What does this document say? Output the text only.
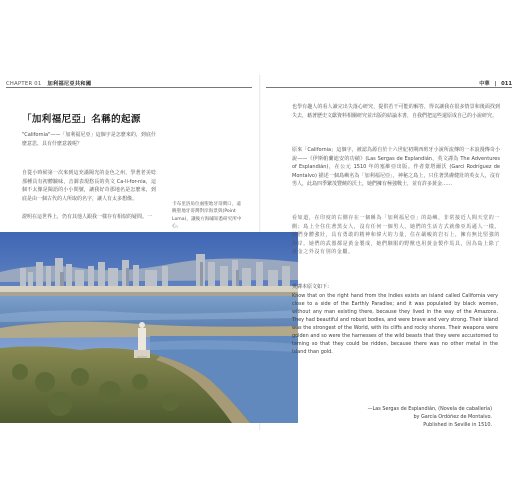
CHAPTER 01 加利福尼亞共和國	中華 | 011
「加利福尼亞」名稱的起源
"California"——「加利福尼亞」這個字是怎麼來的，到底什麼意思，具有什麼意義呢？
自從小時候第一次來到這充滿陽光的金色之州，學著老美唸那種具有初體驗味，音調表現悠長的英文 Ca-li-for-nia，這個不太像是閩語的小小問號，讓我好奇那地名是怎麼來，到底是由一個古代的人所取的名字，讓人有太多想像。
證明在這世界上，仍有其他人跟我一樣存有相似的疑問。一
卡布里洛角位處聖地牙哥灣口，遠眺聖地牙哥灣對岸海景與(Point Loma)，讓後方海嘯知悉研究所中心。
也學有趣人的看人讀完出失落心研究，提供若干可能的解答，得以讓我在很多情景和後面找到失去，藉著歷史文獻資料相關研究並出版的結論本書，自我們把這些還原成自己的小說研究。
原來「California」這個字，被認為源自於十六世紀初期西班牙小說所流傳的一本浪漫傳奇小說——《伊斯帕蘭迪安的功績》(Las Sergas de Esplandián，英文譯為 The Adventures of Esplandián)，在公元 1510 年的塞維亞出版。作者蒙塔爾沃 (Garci Rodríguez de Montalvo) 描述一個島嶼名為「加利福尼亞」，神秘之島上，只住著黑膚健壯的英女人，沒有男人，此島四季繁茂豐饒的沃土，她們擁有極強戰士，並有許多黃金……
看如道，在印度的右側存在一個稱為「加利福尼亞」的島嶼，非常接近人間天堂的一側；島上全住住著黑女人，沒有任何一個男人，她們的生活方式就像亞馬遜人一樣。她們身體強壯，具有勇敢的精神和偉大的力量，住在嚴峻的岩石上，擁有無比堅強的海岸。她們的武器都是黃金製成，她們馴服的野獸也用黃金製作馬具，因為島上除了黃金之外沒有別的金屬。
英譯本原文如下：
Know that on the right hand from the Indies exists an island called California very close to a side of the Earthly Paradise; and it was populated by black women, without any man existing there, because they lived in the way of the Amazons. They had beautiful and robust bodies, and were brave and very strong. Their island was the strongest of the World, with its cliffs and rocky shores. Their weapons were golden and so were the harnesses of the wild beasts that they were accustomed to taming so that they could be ridden, because there was no other metal in the island than gold.
—Las Sergas de Esplandián, (Novela de caballería)
by García Ordóñez de Montalvo.
Published in Seville in 1510.
